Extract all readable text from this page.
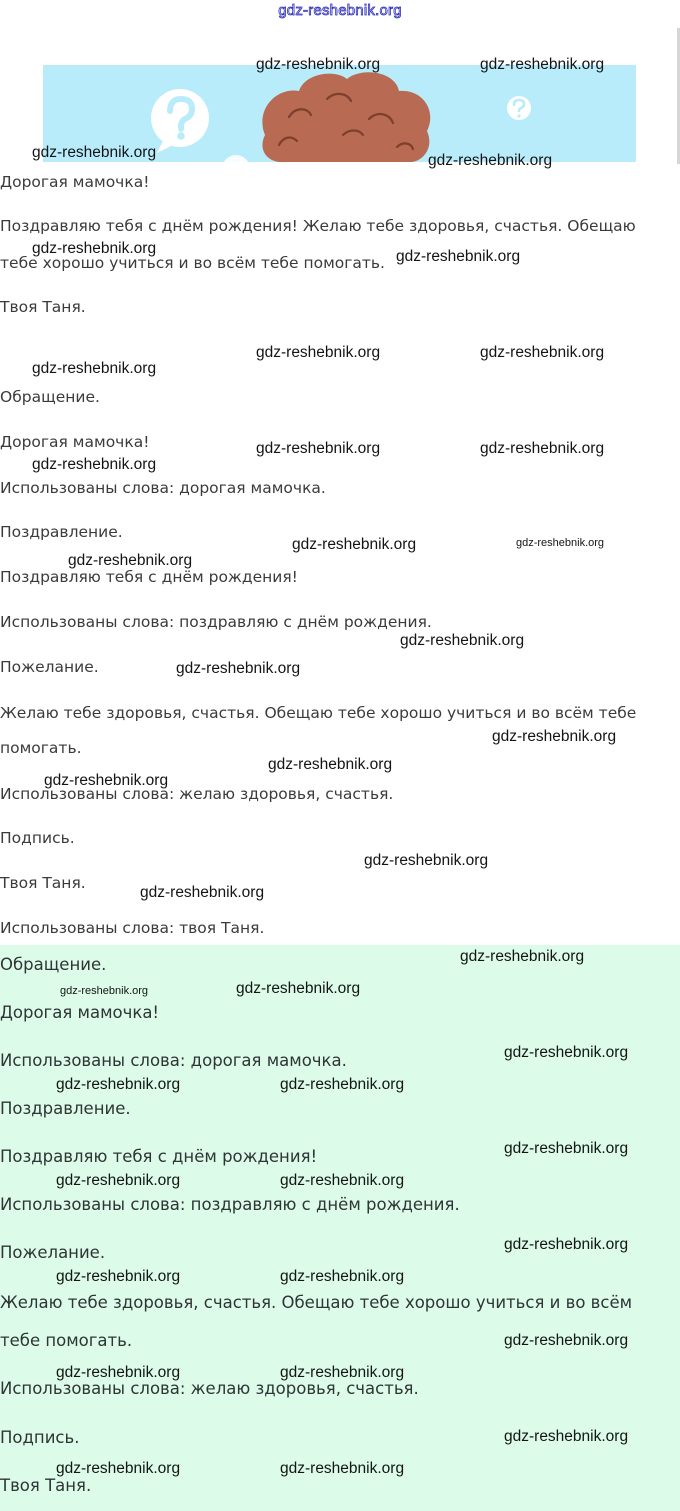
gdz-reshebnik.org
Дорогая мамочка!
Поздравляю тебя с днём рождения! Желаю тебе здоровья, счастья. Обещаю
тебе хорошо учиться и во всём тебе помогать.
Твоя Таня.
Обращение.
Дорогая мамочка!
Использованы слова: дорогая мамочка.
Поздравление.
Поздравляю тебя с днём рождения!
Использованы слова: поздравляю с днём рождения.
Пожелание.
Желаю тебе здоровья, счастья. Обещаю тебе хорошо учиться и во всём тебе
помогать.
Использованы слова: желаю здоровья, счастья.
Подпись.
Твоя Таня.
Использованы слова: твоя Таня.
Обращение.
Дорогая мамочка!
Использованы слова: дорогая мамочка.
Поздравление.
Поздравляю тебя с днём рождения!
Использованы слова: поздравляю с днём рождения.
Пожелание.
Желаю тебе здоровья, счастья. Обещаю тебе хорошо учиться и во всём
тебе помогать.
Использованы слова: желаю здоровья, счастья.
Подпись.
Твоя Таня.
gdz-reshebnik.org	gdz-reshebnik.org
gdz-reshebnik.org	gdz-reshebnik.org
gdz-reshebnik.org	gdz-reshebnik.org
gdz-reshebnik.org	gdz-reshebnik.org
gdz-reshebnik.org
gdz-reshebnik.org	gdz-reshebnik.org
gdz-reshebnik.org
gdz-reshebnik.org	gdz-reshebnik.org
gdz-reshebnik.org
gdz-reshebnik.org
gdz-reshebnik.org
gdz-reshebnik.org
gdz-reshebnik.org
gdz-reshebnik.org
gdz-reshebnik.org
gdz-reshebnik.org
gdz-reshebnik.org
gdz-reshebnik.org
gdz-reshebnik.org
gdz-reshebnik.org
gdz-reshebnik.org	gdz-reshebnik.org
gdz-reshebnik.org
gdz-reshebnik.org	gdz-reshebnik.org
gdz-reshebnik.org
gdz-reshebnik.org	gdz-reshebnik.org
gdz-reshebnik.org
gdz-reshebnik.org	gdz-reshebnik.org
gdz-reshebnik.org
gdz-reshebnik.org	gdz-reshebnik.org
